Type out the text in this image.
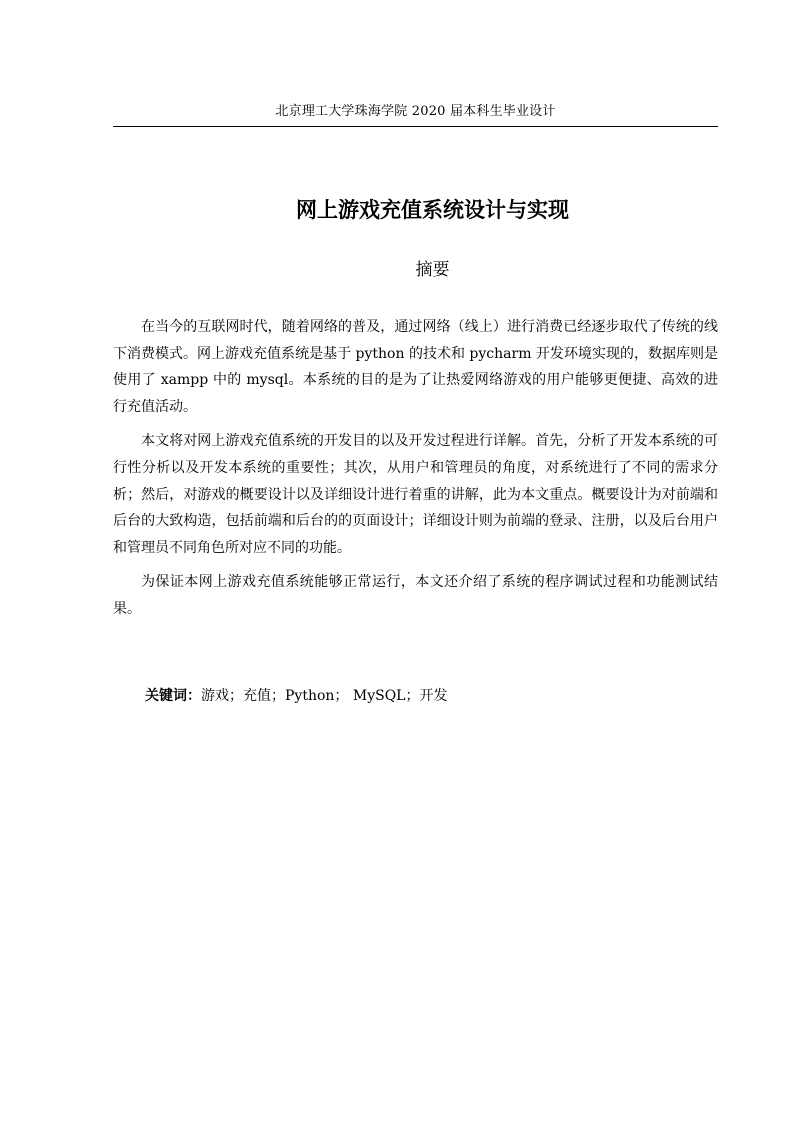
北京理工大学珠海学院 2020 届本科生毕业设计
网上游戏充值系统设计与实现
摘要

在当今的互联网时代，随着网络的普及，通过网络（线上）进行消费已经逐步取代了传统的线下消费模式。网上游戏充值系统是基于 python 的技术和 pycharm 开发环境实现的，数据库则是使用了 xampp 中的 mysql。本系统的目的是为了让热爱网络游戏的用户能够更便捷、高效的进行充值活动。

本文将对网上游戏充值系统的开发目的以及开发过程进行详解。首先，分析了开发本系统的可行性分析以及开发本系统的重要性；其次，从用户和管理员的角度，对系统进行了不同的需求分析；然后，对游戏的概要设计以及详细设计进行着重的讲解，此为本文重点。概要设计为对前端和后台的大致构造，包括前端和后台的的页面设计；详细设计则为前端的登录、注册，以及后台用户和管理员不同角色所对应不同的功能。

为保证本网上游戏充值系统能够正常运行，本文还介绍了系统的程序调试过程和功能测试结果。

关键词：游戏；充值；Python； MySQL；开发
